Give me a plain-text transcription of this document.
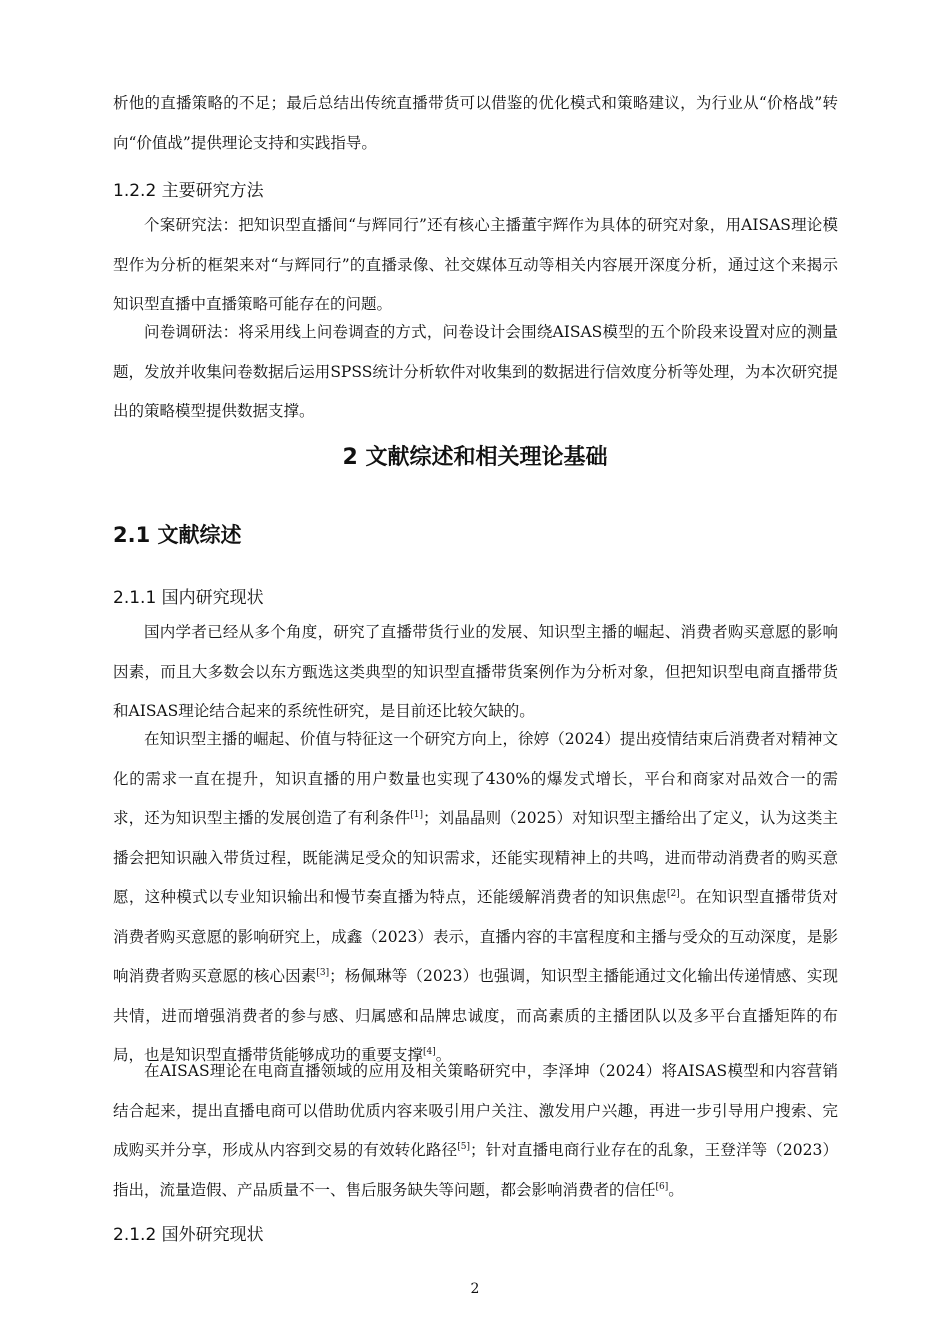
析他的直播策略的不足；最后总结出传统直播带货可以借鉴的优化模式和策略建议，为行业从“价格战”转向“价值战”提供理论支持和实践指导。

1.2.2 主要研究方法

个案研究法：把知识型直播间“与辉同行”还有核心主播董宇辉作为具体的研究对象，用AISAS理论模型作为分析的框架来对“与辉同行”的直播录像、社交媒体互动等相关内容展开深度分析，通过这个来揭示知识型直播中直播策略可能存在的问题。

问卷调研法：将采用线上问卷调查的方式，问卷设计会围绕AISAS模型的五个阶段来设置对应的测量题，发放并收集问卷数据后运用SPSS统计分析软件对收集到的数据进行信效度分析等处理，为本次研究提出的策略模型提供数据支撑。

2 文献综述和相关理论基础
2.1 文献综述
2.1.1 国内研究现状

国内学者已经从多个角度，研究了直播带货行业的发展、知识型主播的崛起、消费者购买意愿的影响因素，而且大多数会以东方甄选这类典型的知识型直播带货案例作为分析对象，但把知识型电商直播带货和AISAS理论结合起来的系统性研究，是目前还比较欠缺的。

在知识型主播的崛起、价值与特征这一个研究方向上，徐婷（2024）提出疫情结束后消费者对精神文化的需求一直在提升，知识直播的用户数量也实现了430%的爆发式增长，平台和商家对品效合一的需求，还为知识型主播的发展创造了有利条件[1]；刘晶晶则（2025）对知识型主播给出了定义，认为这类主播会把知识融入带货过程，既能满足受众的知识需求，还能实现精神上的共鸣，进而带动消费者的购买意愿，这种模式以专业知识输出和慢节奏直播为特点，还能缓解消费者的知识焦虑[2]。在知识型直播带货对消费者购买意愿的影响研究上，成鑫（2023）表示，直播内容的丰富程度和主播与受众的互动深度，是影响消费者购买意愿的核心因素[3]；杨佩琳等（2023）也强调，知识型主播能通过文化输出传递情感、实现共情，进而增强消费者的参与感、归属感和品牌忠诚度，而高素质的主播团队以及多平台直播矩阵的布局，也是知识型直播带货能够成功的重要支撑[4]。

在AISAS理论在电商直播领域的应用及相关策略研究中，李泽坤（2024）将AISAS模型和内容营销结合起来，提出直播电商可以借助优质内容来吸引用户关注、激发用户兴趣，再进一步引导用户搜索、完成购买并分享，形成从内容到交易的有效转化路径[5]；针对直播电商行业存在的乱象，王登洋等（2023）指出，流量造假、产品质量不一、售后服务缺失等问题，都会影响消费者的信任[6]。

2.1.2 国外研究现状
2
